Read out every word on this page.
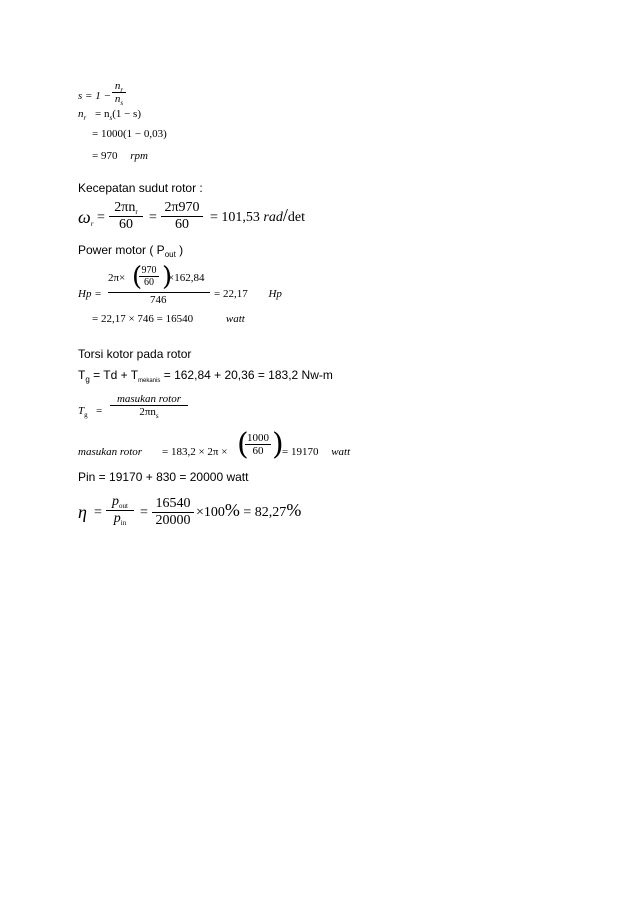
s = 1 −
$n_r$
$n_s$
$n_r = n_s(1 - s)$
= 1000(1 − 0,03)
= 970 rpm
Kecepatan sudut rotor :
$\omega_r$ =
$2\pi n_r$
60 =
2π970
60 = 101,53 rad/det
Power motor ( $P_{out}$ )
Hp =
2π× ( 970
60 )
×162,84
746	= 22,17 Hp
= 22,17 × 746 = 16540	watt
Torsi kotor pada rotor
$T_g = Td + T_{mekanis} = 162,84 + 20,36 = 183,2$ Nw-m
$T_g$ =
masukan rotor
$2\pi n_s$
masukan rotor = 183,2 × 2π × (
1000
60 )
= 19170 watt
Pin = 19170 + 830 = 20000 watt
η =
$p_{out}$
$p_{in}$
=
16540
20000
×100% = 82,27%
